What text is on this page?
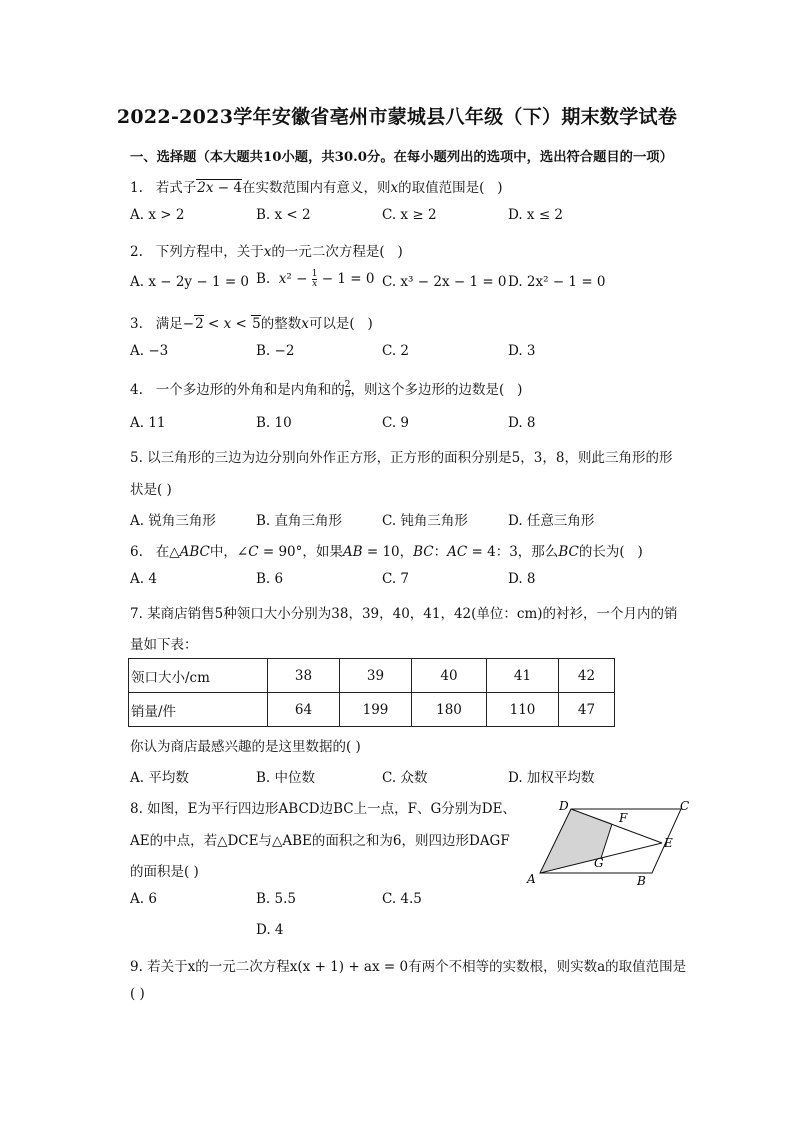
2022-2023学年安徽省亳州市蒙城县八年级（下）期末数学试卷
一、选择题（本大题共10小题，共30.0分。在每小题列出的选项中，选出符合题目的一项）
1.   若式子2x − 4在实数范围内有意义，则x的取值范围是(   )
A. x > 2	B. x < 2	C. x ≥ 2	D. x ≤ 2
2.   下列方程中，关于x的一元二次方程是(   )
A. x − 2y − 1 = 0 B.  $x^2 - \frac{1}{x} - 1 = 0$ C. x³ − 2x − 1 = 0 D. 2x² − 1 = 0
3.   满足−2 < x < 5的整数x可以是(   )
A. −3	B. −2	C. 2	D. 3
4.   一个多边形的外角和是内角和的 $\frac{2}{9}$ ，则这个多边形的边数是(   )
A. 11	B. 10	C. 9	D. 8
5. 以三角形的三边为边分别向外作正方形，正方形的面积分别是5，3，8，则此三角形的形
状是( )
A. 锐角三角形	B. 直角三角形	C. 钝角三角形	D. 任意三角形
6.   在△ABC中，∠C = 90°，如果AB = 10，BC：AC = 4：3，那么BC的长为(   )
A. 4	B. 6	C. 7	D. 8
7. 某商店销售5种领口大小分别为38，39，40，41，42(单位：cm)的衬衫，一个月内的销
量如下表：
领口大小/cm	38	39	40	41	42
销量/件	64	199	180	110	47
你认为商店最感兴趣的是这里数据的( )
A. 平均数	B. 中位数	C. 众数	D. 加权平均数
8. 如图，E为平行四边形ABCD边BC上一点，F、G分别为DE、
AE的中点，若△DCE与△ABE的面积之和为6，则四边形DAGF
的面积是( )
A. 6	B. 5.5	C. 4.5
D. 4
D	C
F
E
G
A	B
9. 若关于x的一元二次方程x(x + 1) + ax = 0有两个不相等的实数根，则实数a的取值范围是
( )
